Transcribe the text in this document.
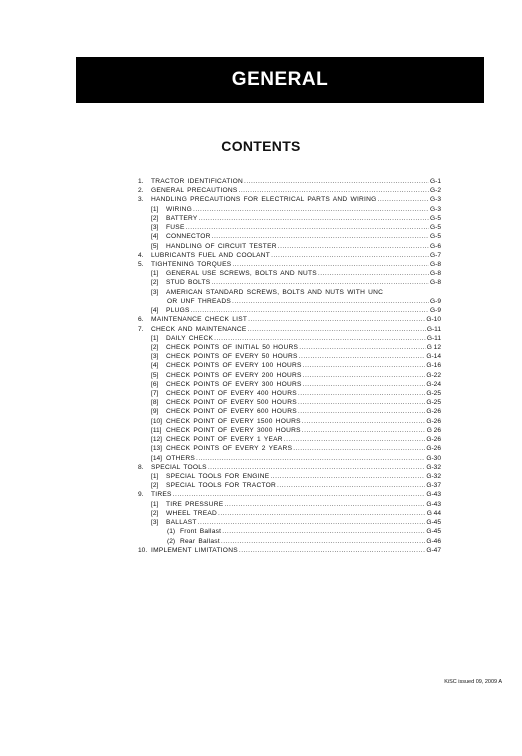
GENERAL
CONTENTS
1.	TRACTOR IDENTIFICATION .....	G-1
2.	GENERAL PRECAUTIONS .....	G-2
3.	HANDLING PRECAUTIONS FOR ELECTRICAL PARTS AND WIRING .....	G-3
[1]	WIRING .....	G-3
[2]	BATTERY .....	G-5
[3]	FUSE .....	G-5
[4]	CONNECTOR .....	G-5
[5]	HANDLING OF CIRCUIT TESTER .....	G-6
4.	LUBRICANTS FUEL AND COOLANT .....	G-7
5.	TIGHTENING TORQUES .....	G-8
[1]	GENERAL USE SCREWS, BOLTS AND NUTS .....	G-8
[2]	STUD BOLTS .....	G-8
[3]	AMERICAN STANDARD SCREWS, BOLTS AND NUTS WITH UNC
OR UNF THREADS .....	G-9
[4]	PLUGS .....	G-9
6.	MAINTENANCE CHECK LIST .....	G-10
7.	CHECK AND MAINTENANCE .....	G-11
[1]	DAILY CHECK .....	G-11
[2]	CHECK POINTS OF INITIAL 50 HOURS .....	G 12
[3]	CHECK POINTS OF EVERY 50 HOURS .....	G-14
[4]	CHECK POINTS OF EVERY 100 HOURS .....	G-16
[5]	CHECK POINTS OF EVERY 200 HOURS .....	G-22
[6]	CHECK POINTS OF EVERY 300 HOURS .....	G-24
[7]	CHECK POINT OF EVERY 400 HOURS .....	G-25
[8]	CHECK POINT OF EVERY 500 HOURS .....	G-25
[9]	CHECK POINT OF EVERY 600 HOURS .....	G-26
[10] CHECK POINT OF EVERY 1500 HOURS .....	G-26
[11] CHECK POINT OF EVERY 3000 HOURS .....	G 26
[12] CHECK POINT OF EVERY 1 YEAR .....	G-26
[13] CHECK POINTS OF EVERY 2 YEARS .....	G-26
[14] OTHERS .....	G-30
8.	SPECIAL TOOLS .....	G-32
[1]	SPECIAL TOOLS FOR ENGINE .....	G-32
[2]	SPECIAL TOOLS FOR TRACTOR .....	G-37
9.	TIRES .....	G-43
[1]	TIRE PRESSURE .....	G-43
[2]	WHEEL TREAD .....	G 44
[3]	BALLAST .....	G-45
(1) Front Ballast .....	G-45
(2) Rear Ballast .....	G-46
10. IMPLEMENT LIMITATIONS .....	G-47
KiSC issued 09, 2009 A
